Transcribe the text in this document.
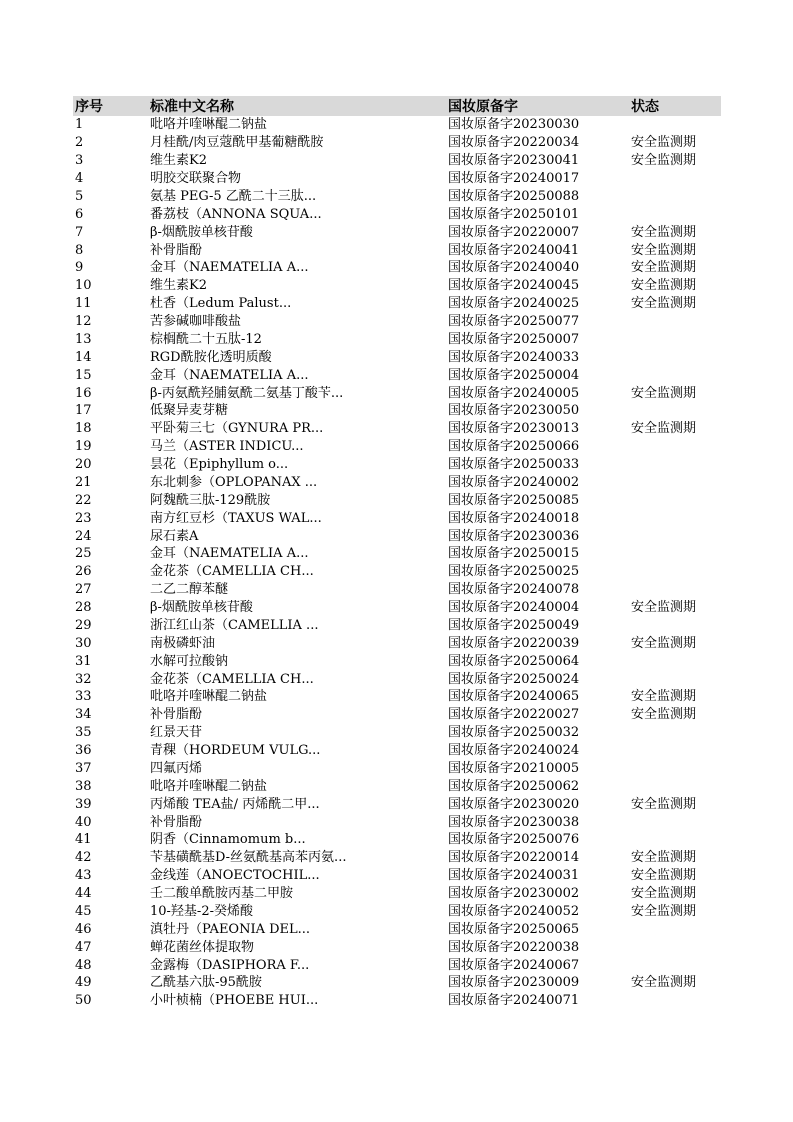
序号	标准中文名称	国妆原备字	状态
1	吡咯并喹啉醌二钠盐	国妆原备字20230030	
2	月桂酰/肉豆蔻酰甲基葡糖酰胺	国妆原备字20220034	安全监测期
3	维生素K2	国妆原备字20230041	安全监测期
4	明胶交联聚合物	国妆原备字20240017	
5	氨基 PEG-5 乙酰二十三肽...	国妆原备字20250088	
6	番荔枝（ANNONA SQUA...	国妆原备字20250101	
7	β-烟酰胺单核苷酸	国妆原备字20220007	安全监测期
8	补骨脂酚	国妆原备字20240041	安全监测期
9	金耳（NAEMATELIA A...	国妆原备字20240040	安全监测期
10	维生素K2	国妆原备字20240045	安全监测期
11	杜香（Ledum Palust...	国妆原备字20240025	安全监测期
12	苦参碱咖啡酸盐	国妆原备字20250077	
13	棕榈酰二十五肽-12	国妆原备字20250007	
14	RGD酰胺化透明质酸	国妆原备字20240033	
15	金耳（NAEMATELIA A...	国妆原备字20250004	
16	β-丙氨酰羟脯氨酰二氨基丁酸苄...	国妆原备字20240005	安全监测期
17	低聚异麦芽糖	国妆原备字20230050	
18	平卧菊三七（GYNURA PR...	国妆原备字20230013	安全监测期
19	马兰（ASTER INDICU...	国妆原备字20250066	
20	昙花（Epiphyllum o...	国妆原备字20250033	
21	东北刺参（OPLOPANAX ...	国妆原备字20240002	
22	阿魏酰三肽-129酰胺	国妆原备字20250085	
23	南方红豆杉（TAXUS WAL...	国妆原备字20240018	
24	尿石素A	国妆原备字20230036	
25	金耳（NAEMATELIA A...	国妆原备字20250015	
26	金花茶（CAMELLIA CH...	国妆原备字20250025	
27	二乙二醇苯醚	国妆原备字20240078	
28	β-烟酰胺单核苷酸	国妆原备字20240004	安全监测期
29	浙江红山茶（CAMELLIA ...	国妆原备字20250049	
30	南极磷虾油	国妆原备字20220039	安全监测期
31	水解可拉酸钠	国妆原备字20250064	
32	金花茶（CAMELLIA CH...	国妆原备字20250024	
33	吡咯并喹啉醌二钠盐	国妆原备字20240065	安全监测期
34	补骨脂酚	国妆原备字20220027	安全监测期
35	红景天苷	国妆原备字20250032	
36	青稞（HORDEUM VULG...	国妆原备字20240024	
37	四氟丙烯	国妆原备字20210005	
38	吡咯并喹啉醌二钠盐	国妆原备字20250062	
39	丙烯酸 TEA盐/ 丙烯酰二甲...	国妆原备字20230020	安全监测期
40	补骨脂酚	国妆原备字20230038	
41	阴香（Cinnamomum b...	国妆原备字20250076	
42	苄基磺酰基D-丝氨酰基高苯丙氨...	国妆原备字20220014	安全监测期
43	金线莲（ANOECTOCHIL...	国妆原备字20240031	安全监测期
44	壬二酸单酰胺丙基二甲胺	国妆原备字20230002	安全监测期
45	10-羟基-2-癸烯酸	国妆原备字20240052	安全监测期
46	滇牡丹（PAEONIA DEL...	国妆原备字20250065	
47	蝉花菌丝体提取物	国妆原备字20220038	
48	金露梅（DASIPHORA F...	国妆原备字20240067	
49	乙酰基六肽-95酰胺	国妆原备字20230009	安全监测期
50	小叶桢楠（PHOEBE HUI...	国妆原备字20240071	
